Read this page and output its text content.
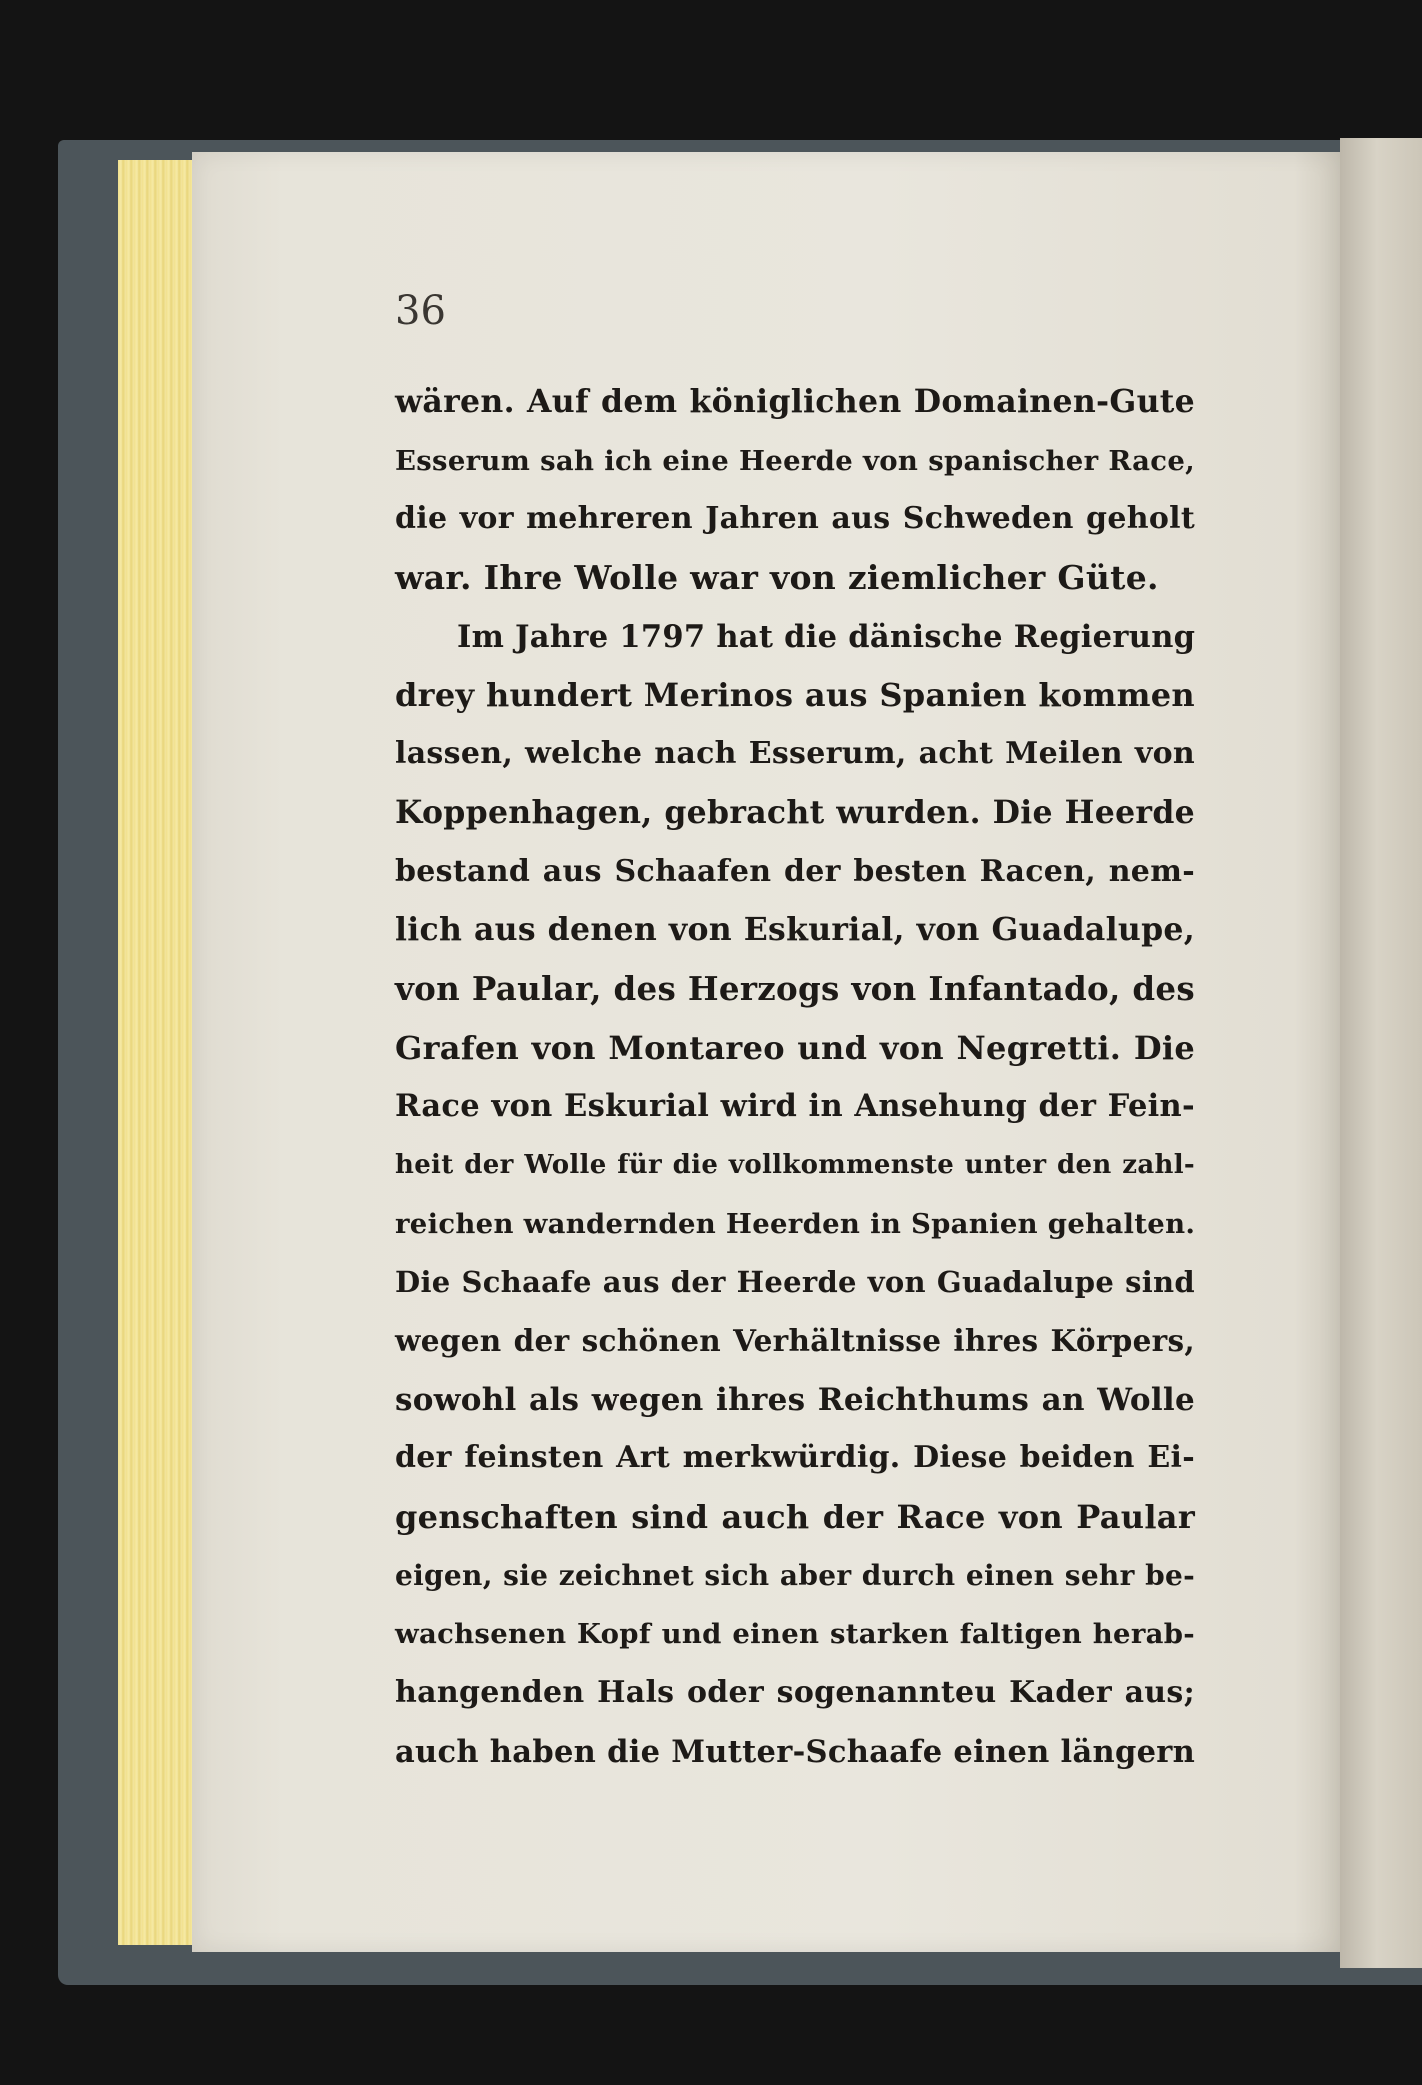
36
wären. Auf dem königlichen Domainen-Gute
Esserum sah ich eine Heerde von spanischer Race,
die vor mehreren Jahren aus Schweden geholt
war. Ihre Wolle war von ziemlicher Güte.
Im Jahre 1797 hat die dänische Regierung
drey hundert Merinos aus Spanien kommen
lassen, welche nach Esserum, acht Meilen von
Koppenhagen, gebracht wurden. Die Heerde
bestand aus Schaafen der besten Racen, nem-
lich aus denen von Eskurial, von Guadalupe,
von Paular, des Herzogs von Infantado, des
Grafen von Montareo und von Negretti. Die
Race von Eskurial wird in Ansehung der Fein-
heit der Wolle für die vollkommenste unter den zahl-
reichen wandernden Heerden in Spanien gehalten.
Die Schaafe aus der Heerde von Guadalupe sind
wegen der schönen Verhältnisse ihres Körpers,
sowohl als wegen ihres Reichthums an Wolle
der feinsten Art merkwürdig. Diese beiden Ei-
genschaften sind auch der Race von Paular
eigen, sie zeichnet sich aber durch einen sehr be-
wachsenen Kopf und einen starken faltigen herab-
hangenden Hals oder sogenannteu Kader aus;
auch haben die Mutter-Schaafe einen längern
